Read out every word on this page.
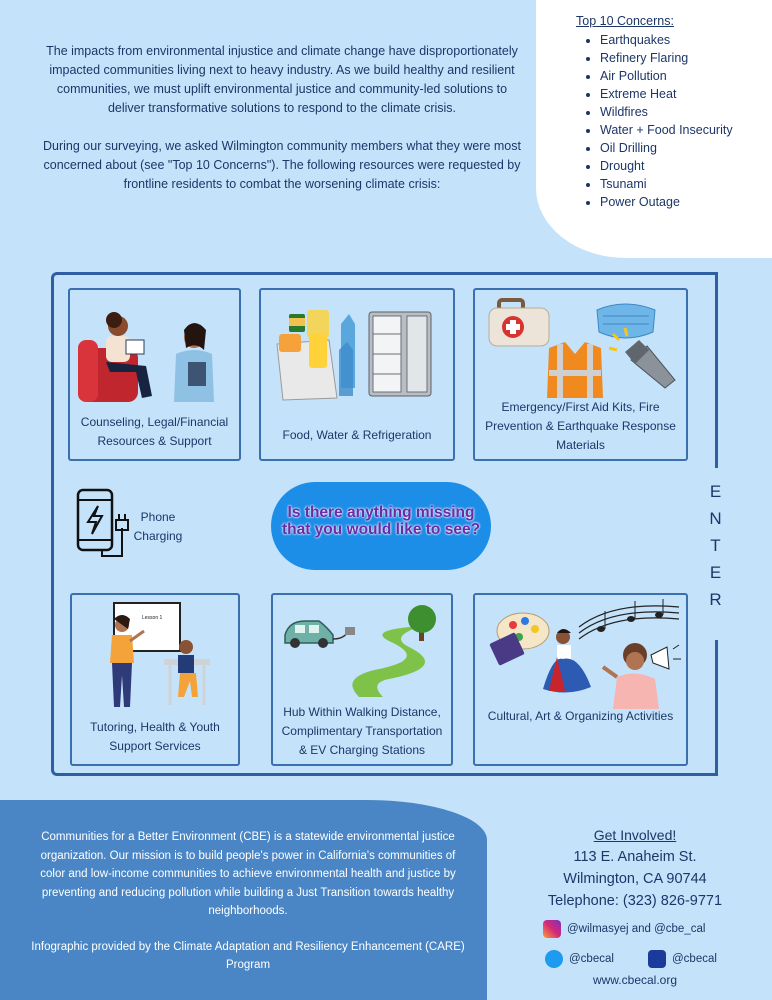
Top 10 Concerns:
• Earthquakes
• Refinery Flaring
• Air Pollution
• Extreme Heat
• Wildfires
• Water + Food Insecurity
• Oil Drilling
• Drought
• Tsunami
• Power Outage

The impacts from environmental injustice and climate change have disproportionately impacted communities living next to heavy industry. As we build healthy and resilient communities, we must uplift environmental justice and community-led solutions to deliver transformative solutions to respond to the climate crisis.

During our surveying, we asked Wilmington community members what they were most concerned about (see "Top 10 Concerns"). The following resources were requested by frontline residents to combat the worsening climate crisis:

E
N
T
E
R
Counseling, Legal/Financial Resources & Support	Food, Water & Refrigeration
Emergency/First Aid Kits, Fire Prevention & Earthquake Response Materials
Phone Charging
Is there anything missing that you would like to see?
Lesson 1
Tutoring, Health & Youth Support Services
Hub Within Walking Distance, Complimentary Transportation & EV Charging Stations
Cultural, Art & Organizing Activities

Communities for a Better Environment (CBE) is a statewide environmental justice organization. Our mission is to build people's power in California's communities of color and low-income communities to achieve environmental health and justice by preventing and reducing pollution while building a Just Transition towards healthy neighborhoods.

Infographic provided by the Climate Adaptation and Resiliency Enhancement (CARE) Program

Get Involved!
113 E. Anaheim St.
Wilmington, CA 90744
Telephone: (323) 826-9771
@wilmasyej and @cbe_cal
@cbecal	@cbecal
www.cbecal.org
